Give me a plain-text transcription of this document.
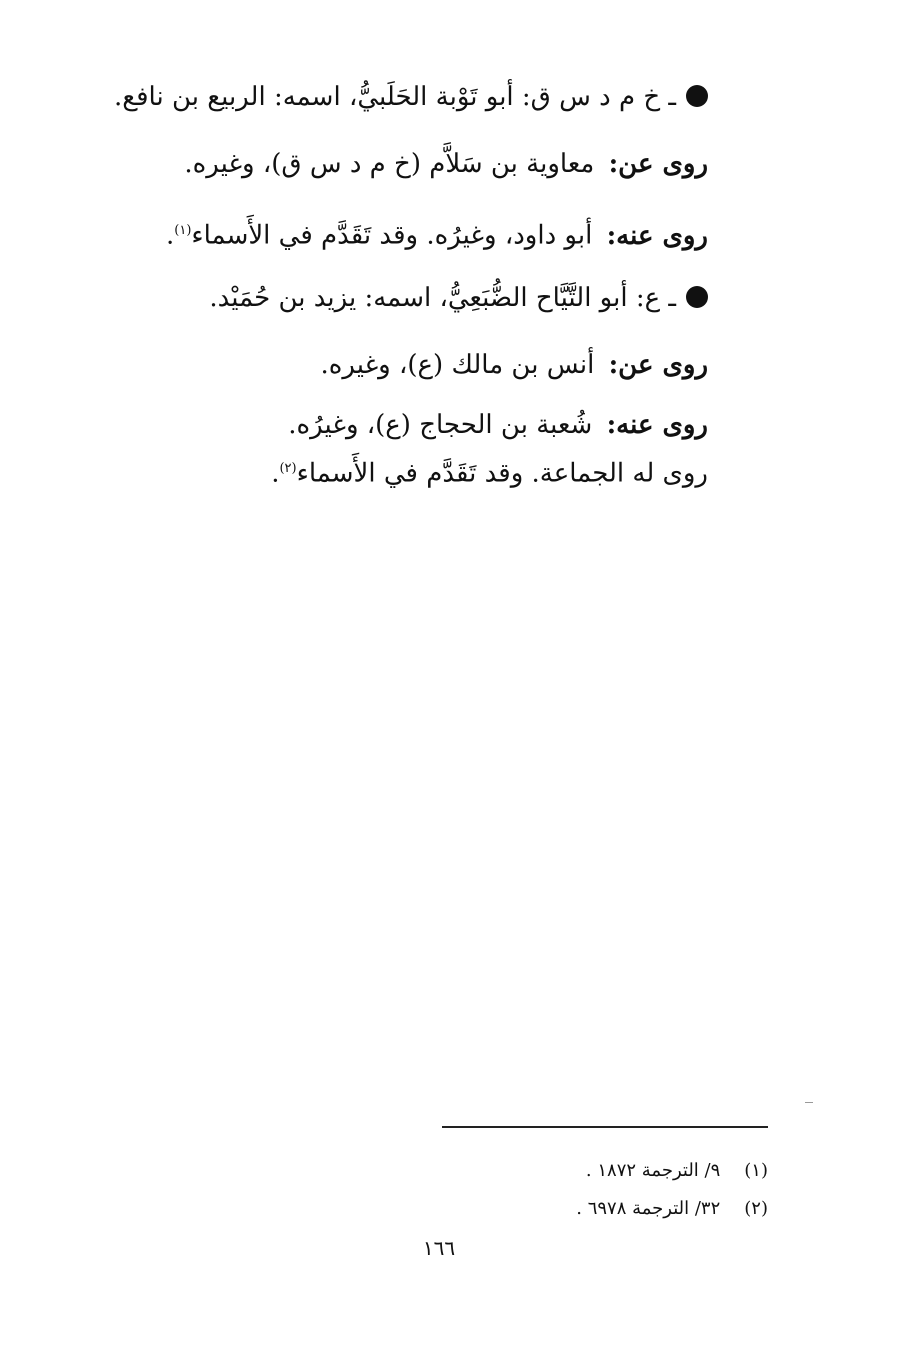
ـ خ م د س ق: أبو تَوْبة الحَلَبيُّ، اسمه: الربيع بن نافع.
روى عن: معاوية بن سَلاَّم (خ م د س ق)، وغيره.
روى عنه: أبو داود، وغيرُه. وقد تَقَدَّم في الأَسماء$^{(١)}$.
ـ ع: أبو التَّيَّاح الضُّبَعِيُّ، اسمه: يزيد بن حُمَيْد.
روى عن: أنس بن مالك (ع)، وغيره.
روى عنه: شُعبة بن الحجاج (ع)، وغيرُه.
روى له الجماعة. وقد تَقَدَّم في الأَسماء$^{(٢)}$.
(١) ٩/ الترجمة ١٨٧٢ .
(٢) ٣٢/ الترجمة ٦٩٧٨ .
١٦٦
